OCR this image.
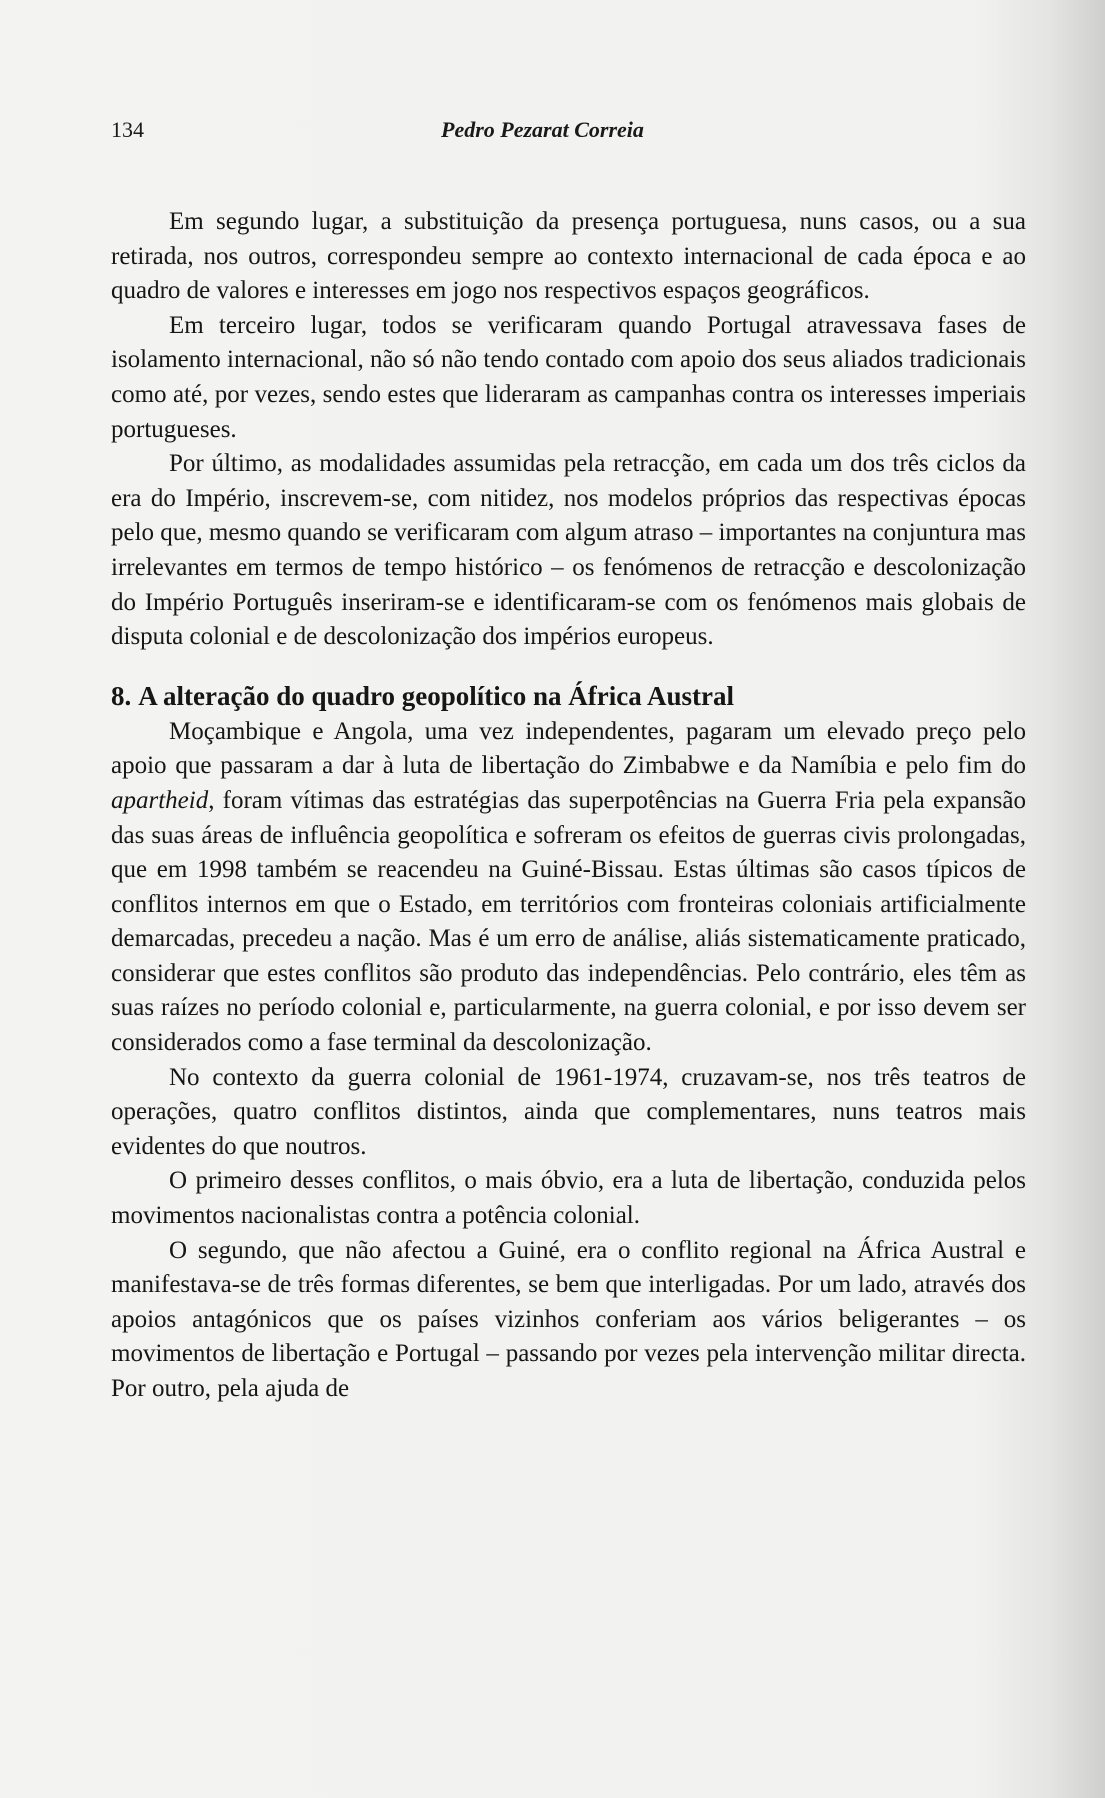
134	Pedro Pezarat Correia

Em segundo lugar, a substituição da presença portuguesa, nuns casos, ou a sua retirada, nos outros, correspondeu sempre ao contexto internacional de cada época e ao quadro de valores e interesses em jogo nos respectivos espaços geográficos.

Em terceiro lugar, todos se verificaram quando Portugal atravessava fases de isolamento internacional, não só não tendo contado com apoio dos seus aliados tradicionais como até, por vezes, sendo estes que lideraram as campanhas contra os interesses imperiais portugueses.

Por último, as modalidades assumidas pela retracção, em cada um dos três ciclos da era do Império, inscrevem-se, com nitidez, nos modelos próprios das respectivas épocas pelo que, mesmo quando se verificaram com algum atraso – importantes na conjuntura mas irrelevantes em termos de tempo histórico – os fenómenos de retracção e descolonização do Império Português inseriram-se e identificaram-se com os fenómenos mais globais de disputa colonial e de descolonização dos impérios europeus.

8. A alteração do quadro geopolítico na África Austral

Moçambique e Angola, uma vez independentes, pagaram um elevado preço pelo apoio que passaram a dar à luta de libertação do Zimbabwe e da Namíbia e pelo fim do apartheid, foram vítimas das estratégias das superpotências na Guerra Fria pela expansão das suas áreas de influência geopolítica e sofreram os efeitos de guerras civis prolongadas, que em 1998 também se reacendeu na Guiné-Bissau. Estas últimas são casos típicos de conflitos internos em que o Estado, em territórios com fronteiras coloniais artificialmente demarcadas, precedeu a nação. Mas é um erro de análise, aliás sistematicamente praticado, considerar que estes conflitos são produto das independências. Pelo contrário, eles têm as suas raízes no período colonial e, particularmente, na guerra colonial, e por isso devem ser considerados como a fase terminal da descolonização.

No contexto da guerra colonial de 1961-1974, cruzavam-se, nos três teatros de operações, quatro conflitos distintos, ainda que complementares, nuns teatros mais evidentes do que noutros.

O primeiro desses conflitos, o mais óbvio, era a luta de libertação, conduzida pelos movimentos nacionalistas contra a potência colonial.

O segundo, que não afectou a Guiné, era o conflito regional na África Austral e manifestava-se de três formas diferentes, se bem que interligadas. Por um lado, através dos apoios antagónicos que os países vizinhos conferiam aos vários beligerantes – os movimentos de libertação e Portugal – passando por vezes pela intervenção militar directa. Por outro, pela ajuda de
